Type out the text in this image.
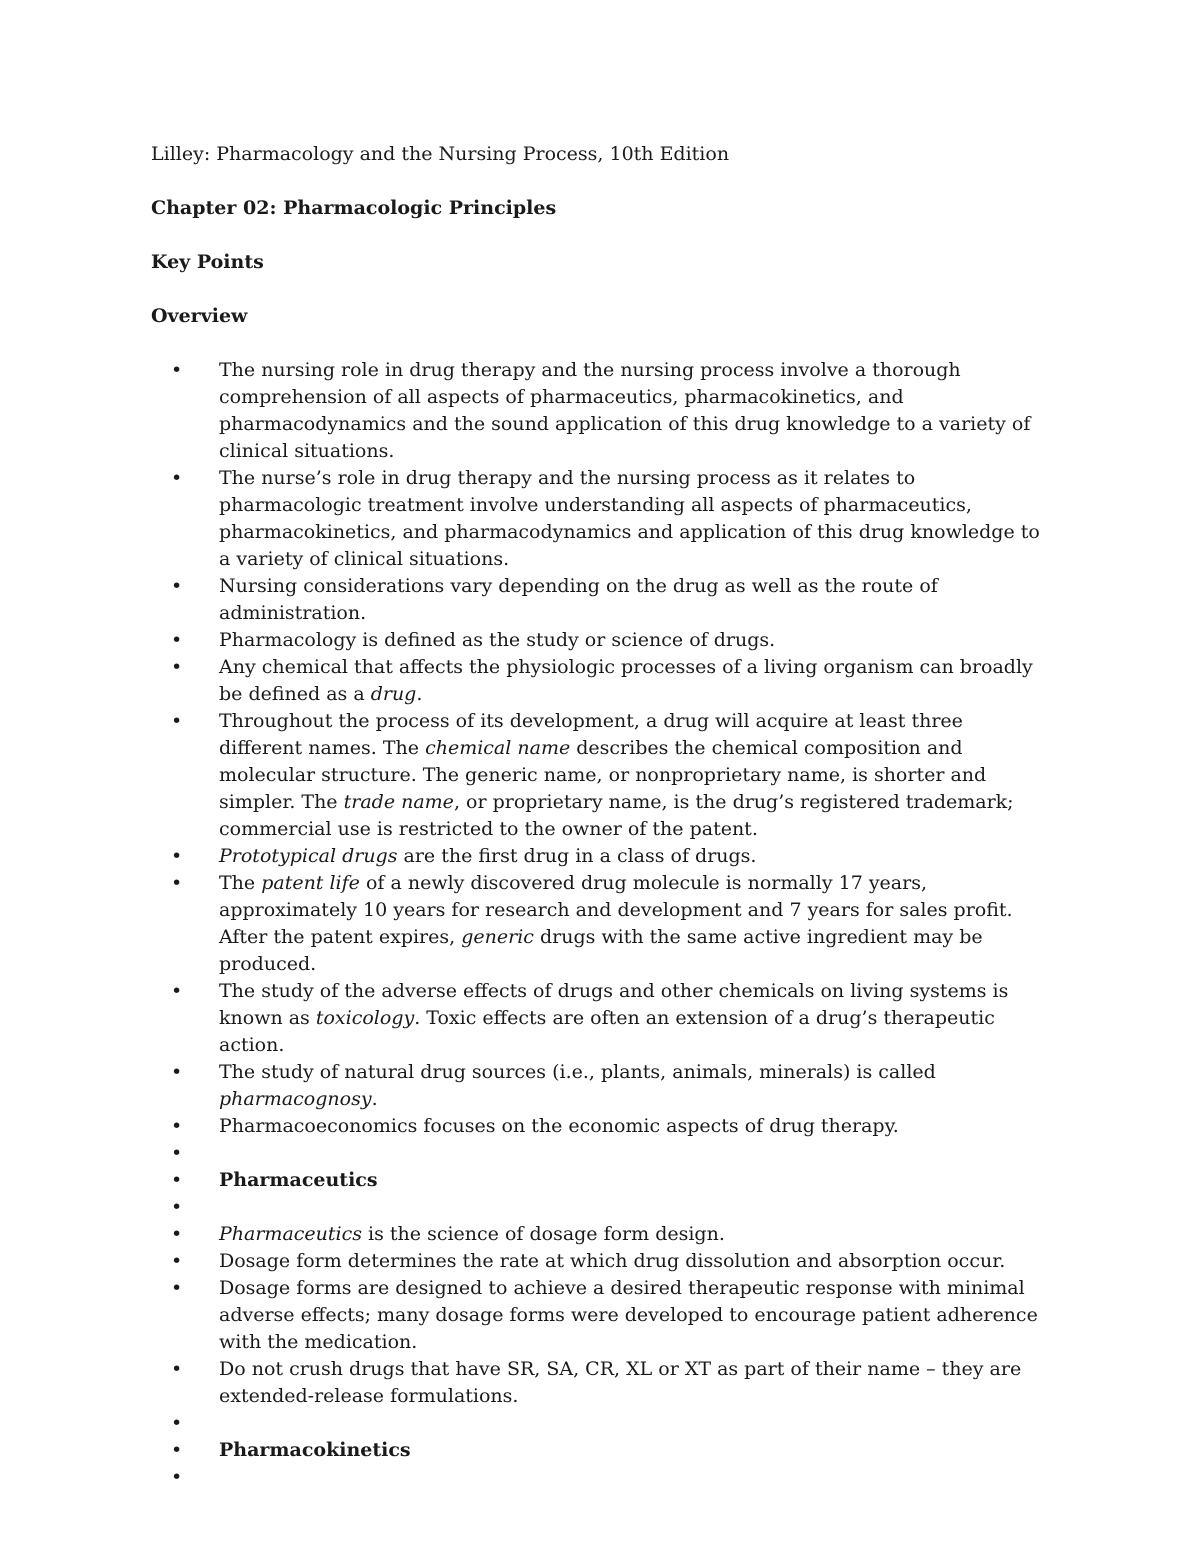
Lilley: Pharmacology and the Nursing Process, 10th Edition
Chapter 02: Pharmacologic Principles
Key Points
Overview
• The nursing role in drug therapy and the nursing process involve a thorough comprehension of all aspects of pharmaceutics, pharmacokinetics, and pharmacodynamics and the sound application of this drug knowledge to a variety of clinical situations.
• The nurse’s role in drug therapy and the nursing process as it relates to pharmacologic treatment involve understanding all aspects of pharmaceutics, pharmacokinetics, and pharmacodynamics and application of this drug knowledge to a variety of clinical situations.
• Nursing considerations vary depending on the drug as well as the route of administration.
• Pharmacology is defined as the study or science of drugs.
• Any chemical that affects the physiologic processes of a living organism can broadly be defined as a drug.
• Throughout the process of its development, a drug will acquire at least three different names. The chemical name describes the chemical composition and molecular structure. The generic name, or nonproprietary name, is shorter and simpler. The trade name, or proprietary name, is the drug’s registered trademark; commercial use is restricted to the owner of the patent.
• Prototypical drugs are the first drug in a class of drugs.
• The patent life of a newly discovered drug molecule is normally 17 years, approximately 10 years for research and development and 7 years for sales profit. After the patent expires, generic drugs with the same active ingredient may be produced.
• The study of the adverse effects of drugs and other chemicals on living systems is known as toxicology. Toxic effects are often an extension of a drug’s therapeutic action.
• The study of natural drug sources (i.e., plants, animals, minerals) is called pharmacognosy.
• Pharmacoeconomics focuses on the economic aspects of drug therapy.
•
• Pharmaceutics
•
• Pharmaceutics is the science of dosage form design.
• Dosage form determines the rate at which drug dissolution and absorption occur.
• Dosage forms are designed to achieve a desired therapeutic response with minimal adverse effects; many dosage forms were developed to encourage patient adherence with the medication.
• Do not crush drugs that have SR, SA, CR, XL or XT as part of their name – they are extended-release formulations.
•
• Pharmacokinetics
•
